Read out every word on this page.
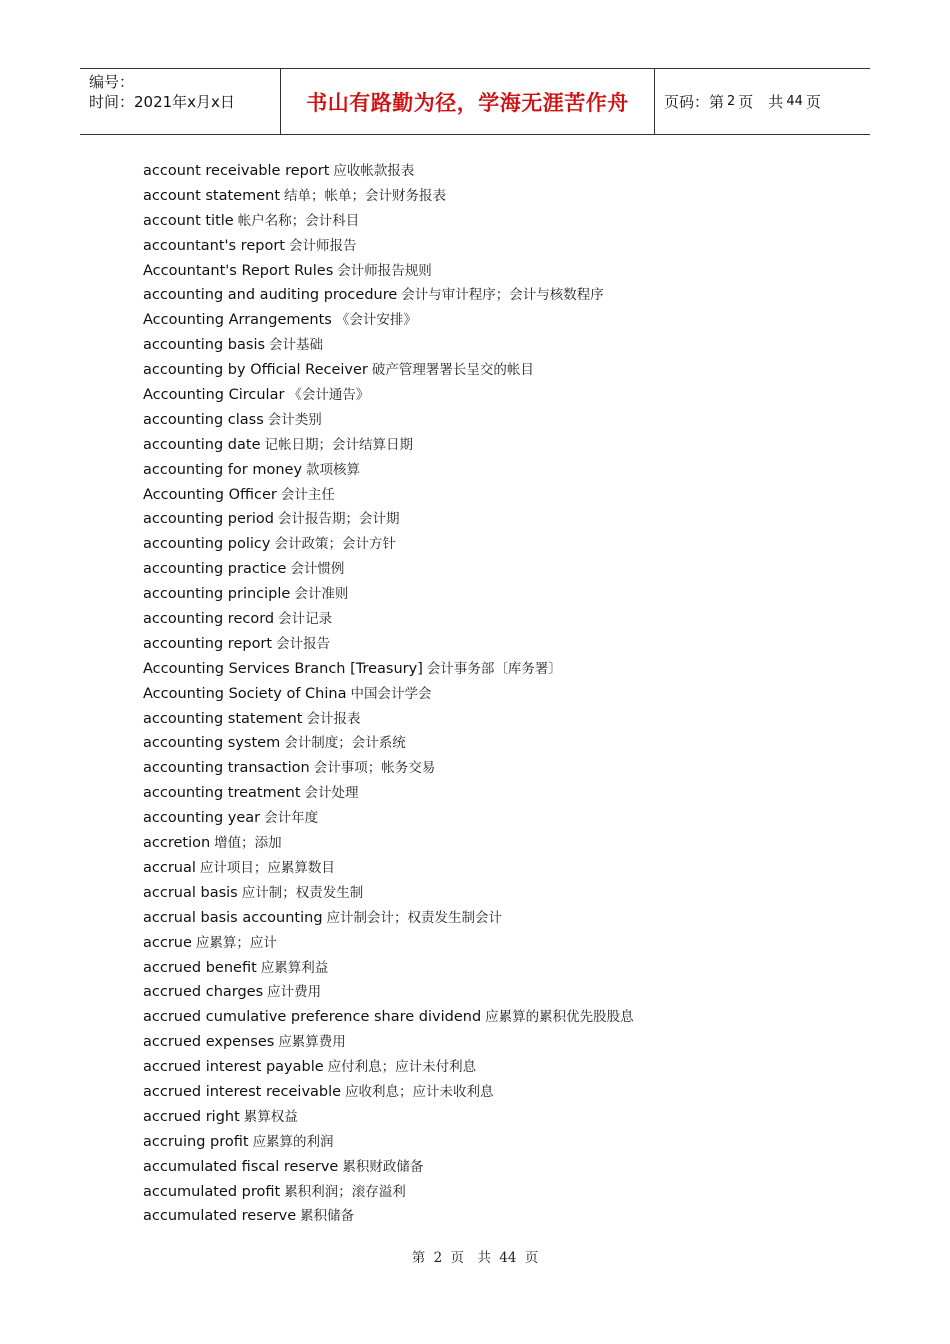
编号：
时间：2021年x月x日	书山有路勤为径，学海无涯苦作舟	页码：第 2 页　共 44 页
account receivable report 应收帐款报表
account statement 结单；帐单；会计财务报表
account title 帐户名称；会计科目
accountant's report 会计师报告
Accountant's Report Rules 会计师报告规则
accounting and auditing procedure 会计与审计程序；会计与核数程序
Accounting Arrangements 《会计安排》
accounting basis 会计基础
accounting by Official Receiver 破产管理署署长呈交的帐目
Accounting Circular 《会计通告》
accounting class 会计类别
accounting date 记帐日期；会计结算日期
accounting for money 款项核算
Accounting Officer 会计主任
accounting period 会计报告期；会计期
accounting policy 会计政策；会计方针
accounting practice 会计惯例
accounting principle 会计准则
accounting record 会计记录
accounting report 会计报告
Accounting Services Branch [Treasury] 会计事务部〔库务署〕
Accounting Society of China 中国会计学会
accounting statement 会计报表
accounting system 会计制度；会计系统
accounting transaction 会计事项；帐务交易
accounting treatment 会计处理
accounting year 会计年度
accretion 增值；添加
accrual 应计项目；应累算数目
accrual basis 应计制；权责发生制
accrual basis accounting 应计制会计；权责发生制会计
accrue 应累算；应计
accrued benefit 应累算利益
accrued charges 应计费用
accrued cumulative preference share dividend 应累算的累积优先股股息
accrued expenses 应累算费用
accrued interest payable 应付利息；应计未付利息
accrued interest receivable 应收利息；应计未收利息
accrued right 累算权益
accruing profit 应累算的利润
accumulated fiscal reserve 累积财政储备
accumulated profit 累积利润；滚存溢利
accumulated reserve 累积储备
第 2 页　共 44 页
